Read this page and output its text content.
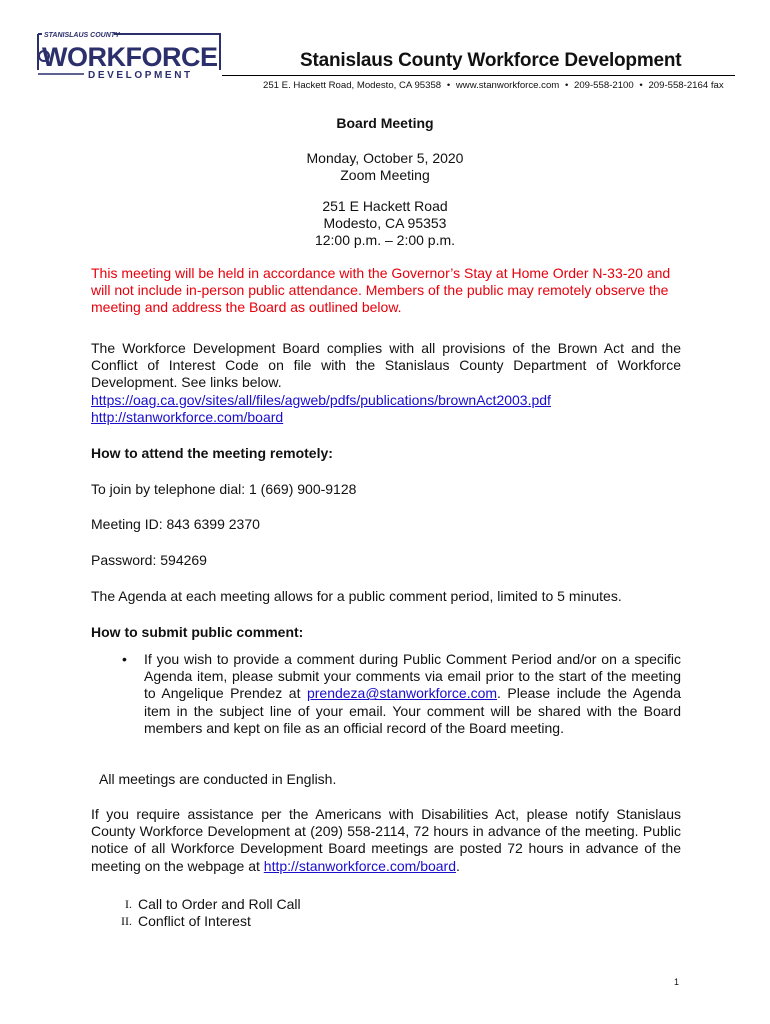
STANISLAUS COUNTY
WORKFORCE
DEVELOPMENT
Stanislaus County Workforce Development
251 E. Hackett Road, Modesto, CA 95358 • www.stanworkforce.com • 209-558-2100 • 209-558-2164 fax
Board Meeting
Monday, October 5, 2020
Zoom Meeting
251 E Hackett Road
Modesto, CA 95353
12:00 p.m. – 2:00 p.m.
This meeting will be held in accordance with the Governor’s Stay at Home Order N-33-20 and will not include in-person public attendance. Members of the public may remotely observe the meeting and address the Board as outlined below.
The Workforce Development Board complies with all provisions of the Brown Act and the Conflict of Interest Code on file with the Stanislaus County Department of Workforce Development. See links below.
https://oag.ca.gov/sites/all/files/agweb/pdfs/publications/brownAct2003.pdf
http://stanworkforce.com/board
How to attend the meeting remotely:
To join by telephone dial: 1 (669) 900-9128
Meeting ID: 843 6399 2370
Password: 594269
The Agenda at each meeting allows for a public comment period, limited to 5 minutes.
How to submit public comment:
• If you wish to provide a comment during Public Comment Period and/or on a specific Agenda item, please submit your comments via email prior to the start of the meeting to Angelique Prendez at prendeza@stanworkforce.com. Please include the Agenda item in the subject line of your email. Your comment will be shared with the Board members and kept on file as an official record of the Board meeting.
All meetings are conducted in English.
If you require assistance per the Americans with Disabilities Act, please notify Stanislaus County Workforce Development at (209) 558-2114, 72 hours in advance of the meeting. Public notice of all Workforce Development Board meetings are posted 72 hours in advance of the meeting on the webpage at http://stanworkforce.com/board.
I. Call to Order and Roll Call
II. Conflict of Interest
1
